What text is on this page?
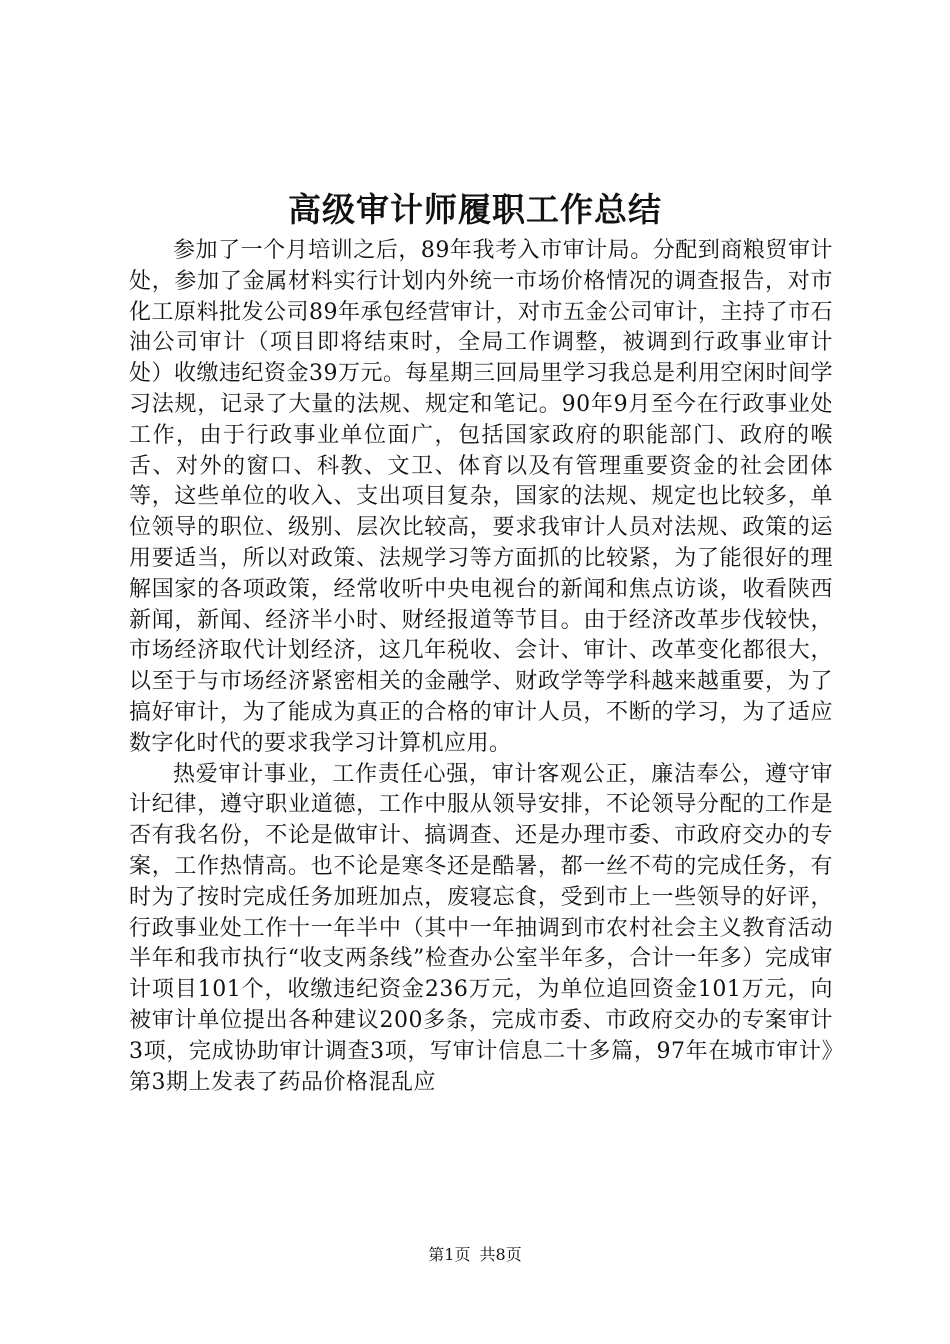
高级审计师履职工作总结

参加了一个月培训之后，89年我考入市审计局。分配到商粮贸审计处，参加了金属材料实行计划内外统一市场价格情况的调查报告，对市化工原料批发公司89年承包经营审计，对市五金公司审计，主持了市石油公司审计（项目即将结束时，全局工作调整，被调到行政事业审计处）收缴违纪资金39万元。每星期三回局里学习我总是利用空闲时间学习法规，记录了大量的法规、规定和笔记。90年9月至今在行政事业处工作，由于行政事业单位面广，包括国家政府的职能部门、政府的喉舌、对外的窗口、科教、文卫、体育以及有管理重要资金的社会团体等，这些单位的收入、支出项目复杂，国家的法规、规定也比较多，单位领导的职位、级别、层次比较高，要求我审计人员对法规、政策的运用要适当，所以对政策、法规学习等方面抓的比较紧，为了能很好的理解国家的各项政策，经常收听中央电视台的新闻和焦点访谈，收看陕西新闻，新闻、经济半小时、财经报道等节目。由于经济改革步伐较快，市场经济取代计划经济，这几年税收、会计、审计、改革变化都很大，以至于与市场经济紧密相关的金融学、财政学等学科越来越重要，为了搞好审计，为了能成为真正的合格的审计人员，不断的学习，为了适应数字化时代的要求我学习计算机应用。

热爱审计事业，工作责任心强，审计客观公正，廉洁奉公，遵守审计纪律，遵守职业道德，工作中服从领导安排，不论领导分配的工作是否有我名份，不论是做审计、搞调查、还是办理市委、市政府交办的专案，工作热情高。也不论是寒冬还是酷暑，都一丝不苟的完成任务，有时为了按时完成任务加班加点，废寝忘食，受到市上一些领导的好评，行政事业处工作十一年半中（其中一年抽调到市农村社会主义教育活动半年和我市执行“收支两条线”检查办公室半年多，合计一年多）完成审计项目101个，收缴违纪资金236万元，为单位追回资金101万元，向被审计单位提出各种建议200多条，完成市委、市政府交办的专案审计3项，完成协助审计调查3项，写审计信息二十多篇，97年在城市审计》第3期上发表了药品价格混乱应

第1页 共8页
